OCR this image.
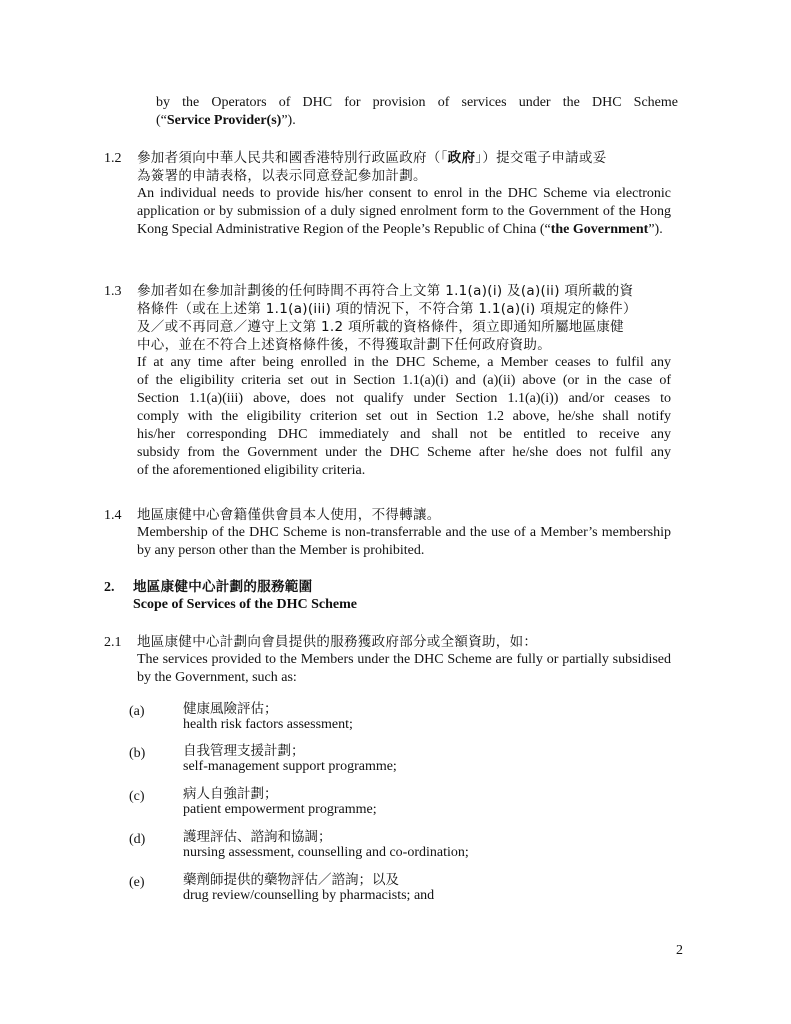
by the Operators of DHC for provision of services under the DHC Scheme

(“Service Provider(s)”).

1.2 參加者須向中華人民共和國香港特別行政區政府（「政府」）提交電子申請或妥

為簽署的申請表格，以表示同意登記參加計劃。

An individual needs to provide his/her consent to enrol in the DHC Scheme via electronic application or by submission of a duly signed enrolment form to the Government of the Hong Kong Special Administrative Region of the People’s Republic of China (“the Government”).

1.3 參加者如在參加計劃後的任何時間不再符合上文第 1.1(a)(i) 及(a)(ii) 項所載的資

格條件（或在上述第 1.1(a)(iii) 項的情況下，不符合第 1.1(a)(i) 項規定的條件）

及／或不再同意／遵守上文第 1.2 項所載的資格條件，須立即通知所屬地區康健

中心，並在不符合上述資格條件後，不得獲取計劃下任何政府資助。

If at any time after being enrolled in the DHC Scheme, a Member ceases to fulfil any

of the eligibility criteria set out in Section 1.1(a)(i) and (a)(ii) above (or in the case of

Section 1.1(a)(iii) above, does not qualify under Section 1.1(a)(i)) and/or ceases to

comply with the eligibility criterion set out in Section 1.2 above, he/she shall notify

his/her corresponding DHC immediately and shall not be entitled to receive any

subsidy from the Government under the DHC Scheme after he/she does not fulfil any

of the aforementioned eligibility criteria.

1.4 地區康健中心會籍僅供會員本人使用，不得轉讓。

Membership of the DHC Scheme is non-transferrable and the use of a Member’s membership by any person other than the Member is prohibited.

2. 地區康健中心計劃的服務範圍

Scope of Services of the DHC Scheme

2.1 地區康健中心計劃向會員提供的服務獲政府部分或全額資助，如：

The services provided to the Members under the DHC Scheme are fully or partially subsidised by the Government, such as:

(a)	健康風險評估；

health risk factors assessment;

(b)	自我管理支援計劃；

self-management support programme;

(c)	病人自強計劃；

patient empowerment programme;

(d)	護理評估、諮詢和協調；

nursing assessment, counselling and co-ordination;

(e)	藥劑師提供的藥物評估／諮詢；以及

drug review/counselling by pharmacists; and

2
